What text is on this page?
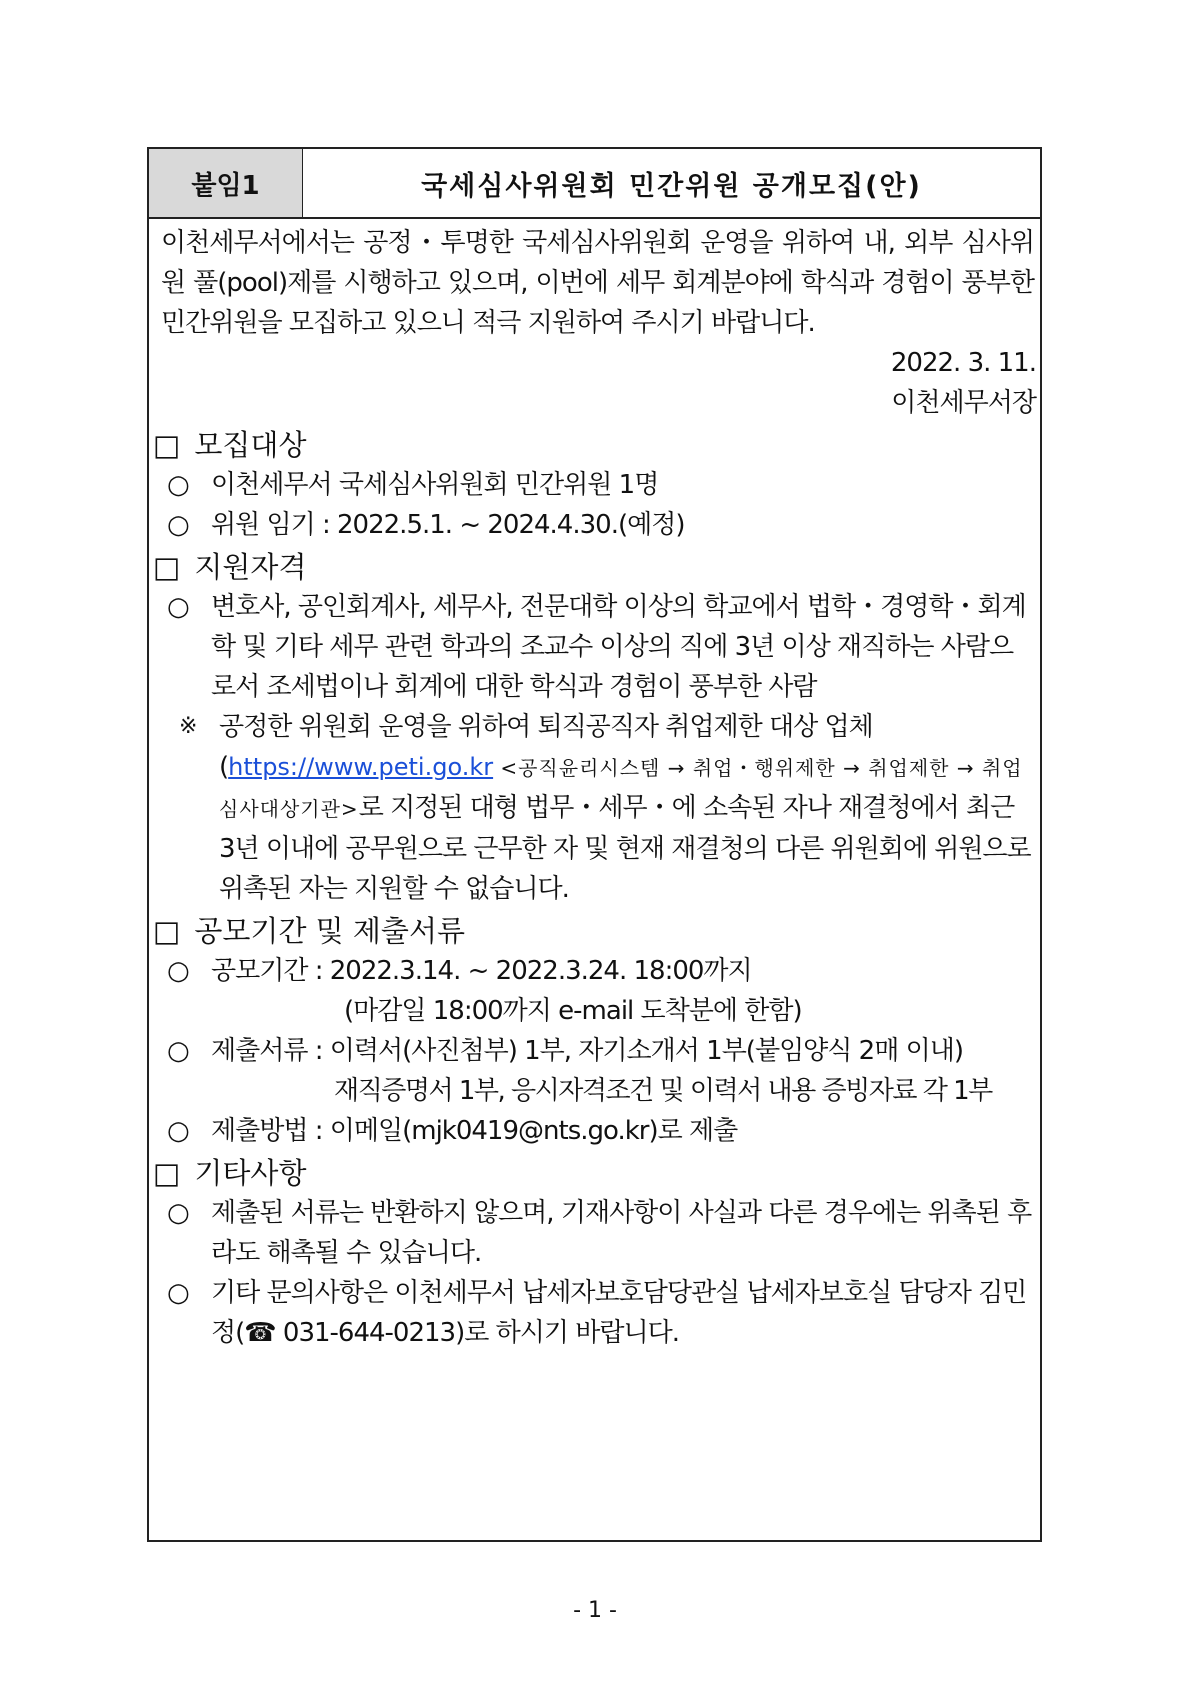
붙임1	국세심사위원회 민간위원 공개모집(안)
이천세무서에서는 공정・투명한 국세심사위원회 운영을 위하여 내, 외부 심사위원 풀(pool)제를 시행하고 있으며, 이번에 세무 회계분야에 학식과 경험이 풍부한 민간위원을 모집하고 있으니 적극 지원하여 주시기 바랍니다.
2022. 3. 11.
이천세무서장
□ 모집대상
○ 이천세무서 국세심사위원회 민간위원 1명
○ 위원 임기 : 2022.5.1. ~ 2024.4.30.(예정)
□ 지원자격
○ 변호사, 공인회계사, 세무사, 전문대학 이상의 학교에서 법학・경영학・회계학 및 기타 세무 관련 학과의 조교수 이상의 직에 3년 이상 재직하는 사람으로서 조세법이나 회계에 대한 학식과 경험이 풍부한 사람
※ 공정한 위원회 운영을 위하여 퇴직공직자 취업제한 대상 업체(https://www.peti.go.kr <공직윤리시스템 → 취업・행위제한 → 취업제한 → 취업심사대상기관>로 지정된 대형 법무・세무・에 소속된 자나 재결청에서 최근 3년 이내에 공무원으로 근무한 자 및 현재 재결청의 다른 위원회에 위원으로 위촉된 자는 지원할 수 없습니다.
□ 공모기간 및 제출서류
○ 공모기간 : 2022.3.14. ~ 2022.3.24. 18:00까지
(마감일 18:00까지 e-mail 도착분에 한함)
○ 제출서류 : 이력서(사진첨부) 1부, 자기소개서 1부(붙임양식 2매 이내)
재직증명서 1부, 응시자격조건 및 이력서 내용 증빙자료 각 1부
○ 제출방법 : 이메일(mjk0419@nts.go.kr)로 제출
□ 기타사항
○ 제출된 서류는 반환하지 않으며, 기재사항이 사실과 다른 경우에는 위촉된 후라도 해촉될 수 있습니다.
○ 기타 문의사항은 이천세무서 납세자보호담당관실 납세자보호실 담당자 김민정(☎ 031-644-0213)로 하시기 바랍니다.
- 1 -
